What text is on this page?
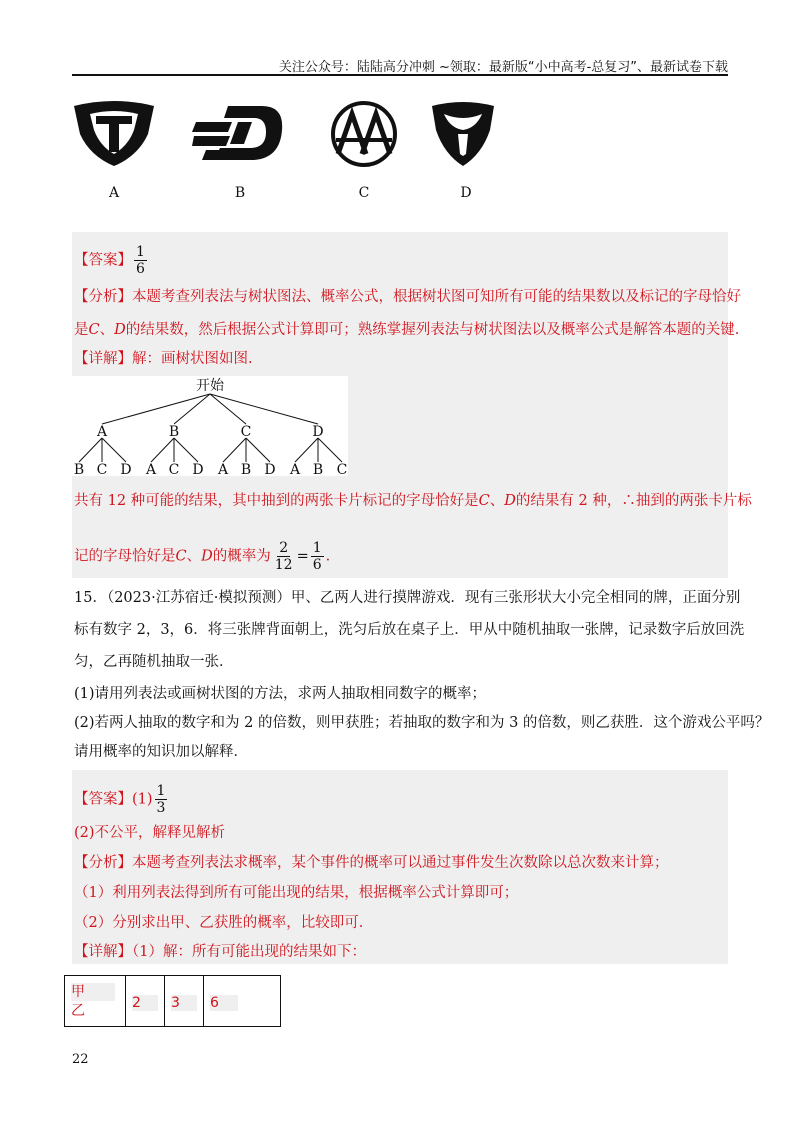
关注公众号：陆陆高分冲刺 ~领取：最新版“小中高考-总复习”、最新试卷下载
A	B	C	D
【答案】 $\frac{1}{6}$
【分析】本题考查列表法与树状图法、概率公式，根据树状图可知所有可能的结果数以及标记的字母恰好
是C、D的结果数，然后根据公式计算即可；熟练掌握列表法与树状图法以及概率公式是解答本题的关键.
【详解】解：画树状图如图.
开始
A	B	C	D
B C D A C D A B D A B C
共有 12 种可能的结果，其中抽到的两张卡片标记的字母恰好是C、D的结果有 2 种，∴抽到的两张卡片标
记的字母恰好是C、D的概率为 $\frac{2}{12} = \frac{1}{6}$ .
15．（2023·江苏宿迁·模拟预测）甲、乙两人进行摸牌游戏．现有三张形状大小完全相同的牌，正面分别
标有数字 2，3，6．将三张牌背面朝上，洗匀后放在桌子上．甲从中随机抽取一张牌，记录数字后放回洗
匀，乙再随机抽取一张．
(1)请用列表法或画树状图的方法，求两人抽取相同数字的概率；
(2)若两人抽取的数字和为 2 的倍数，则甲获胜；若抽取的数字和为 3 的倍数，则乙获胜．这个游戏公平吗？
请用概率的知识加以解释．
【答案】$(1) \frac{1}{3}$
(2)不公平，解释见解析
【分析】本题考查列表法求概率，某个事件的概率可以通过事件发生次数除以总次数来计算；
（1）利用列表法得到所有可能出现的结果，根据概率公式计算即可；
（2）分别求出甲、乙获胜的概率，比较即可.
【详解】（1）解：所有可能出现的结果如下：
甲
乙

2	3	6
22
